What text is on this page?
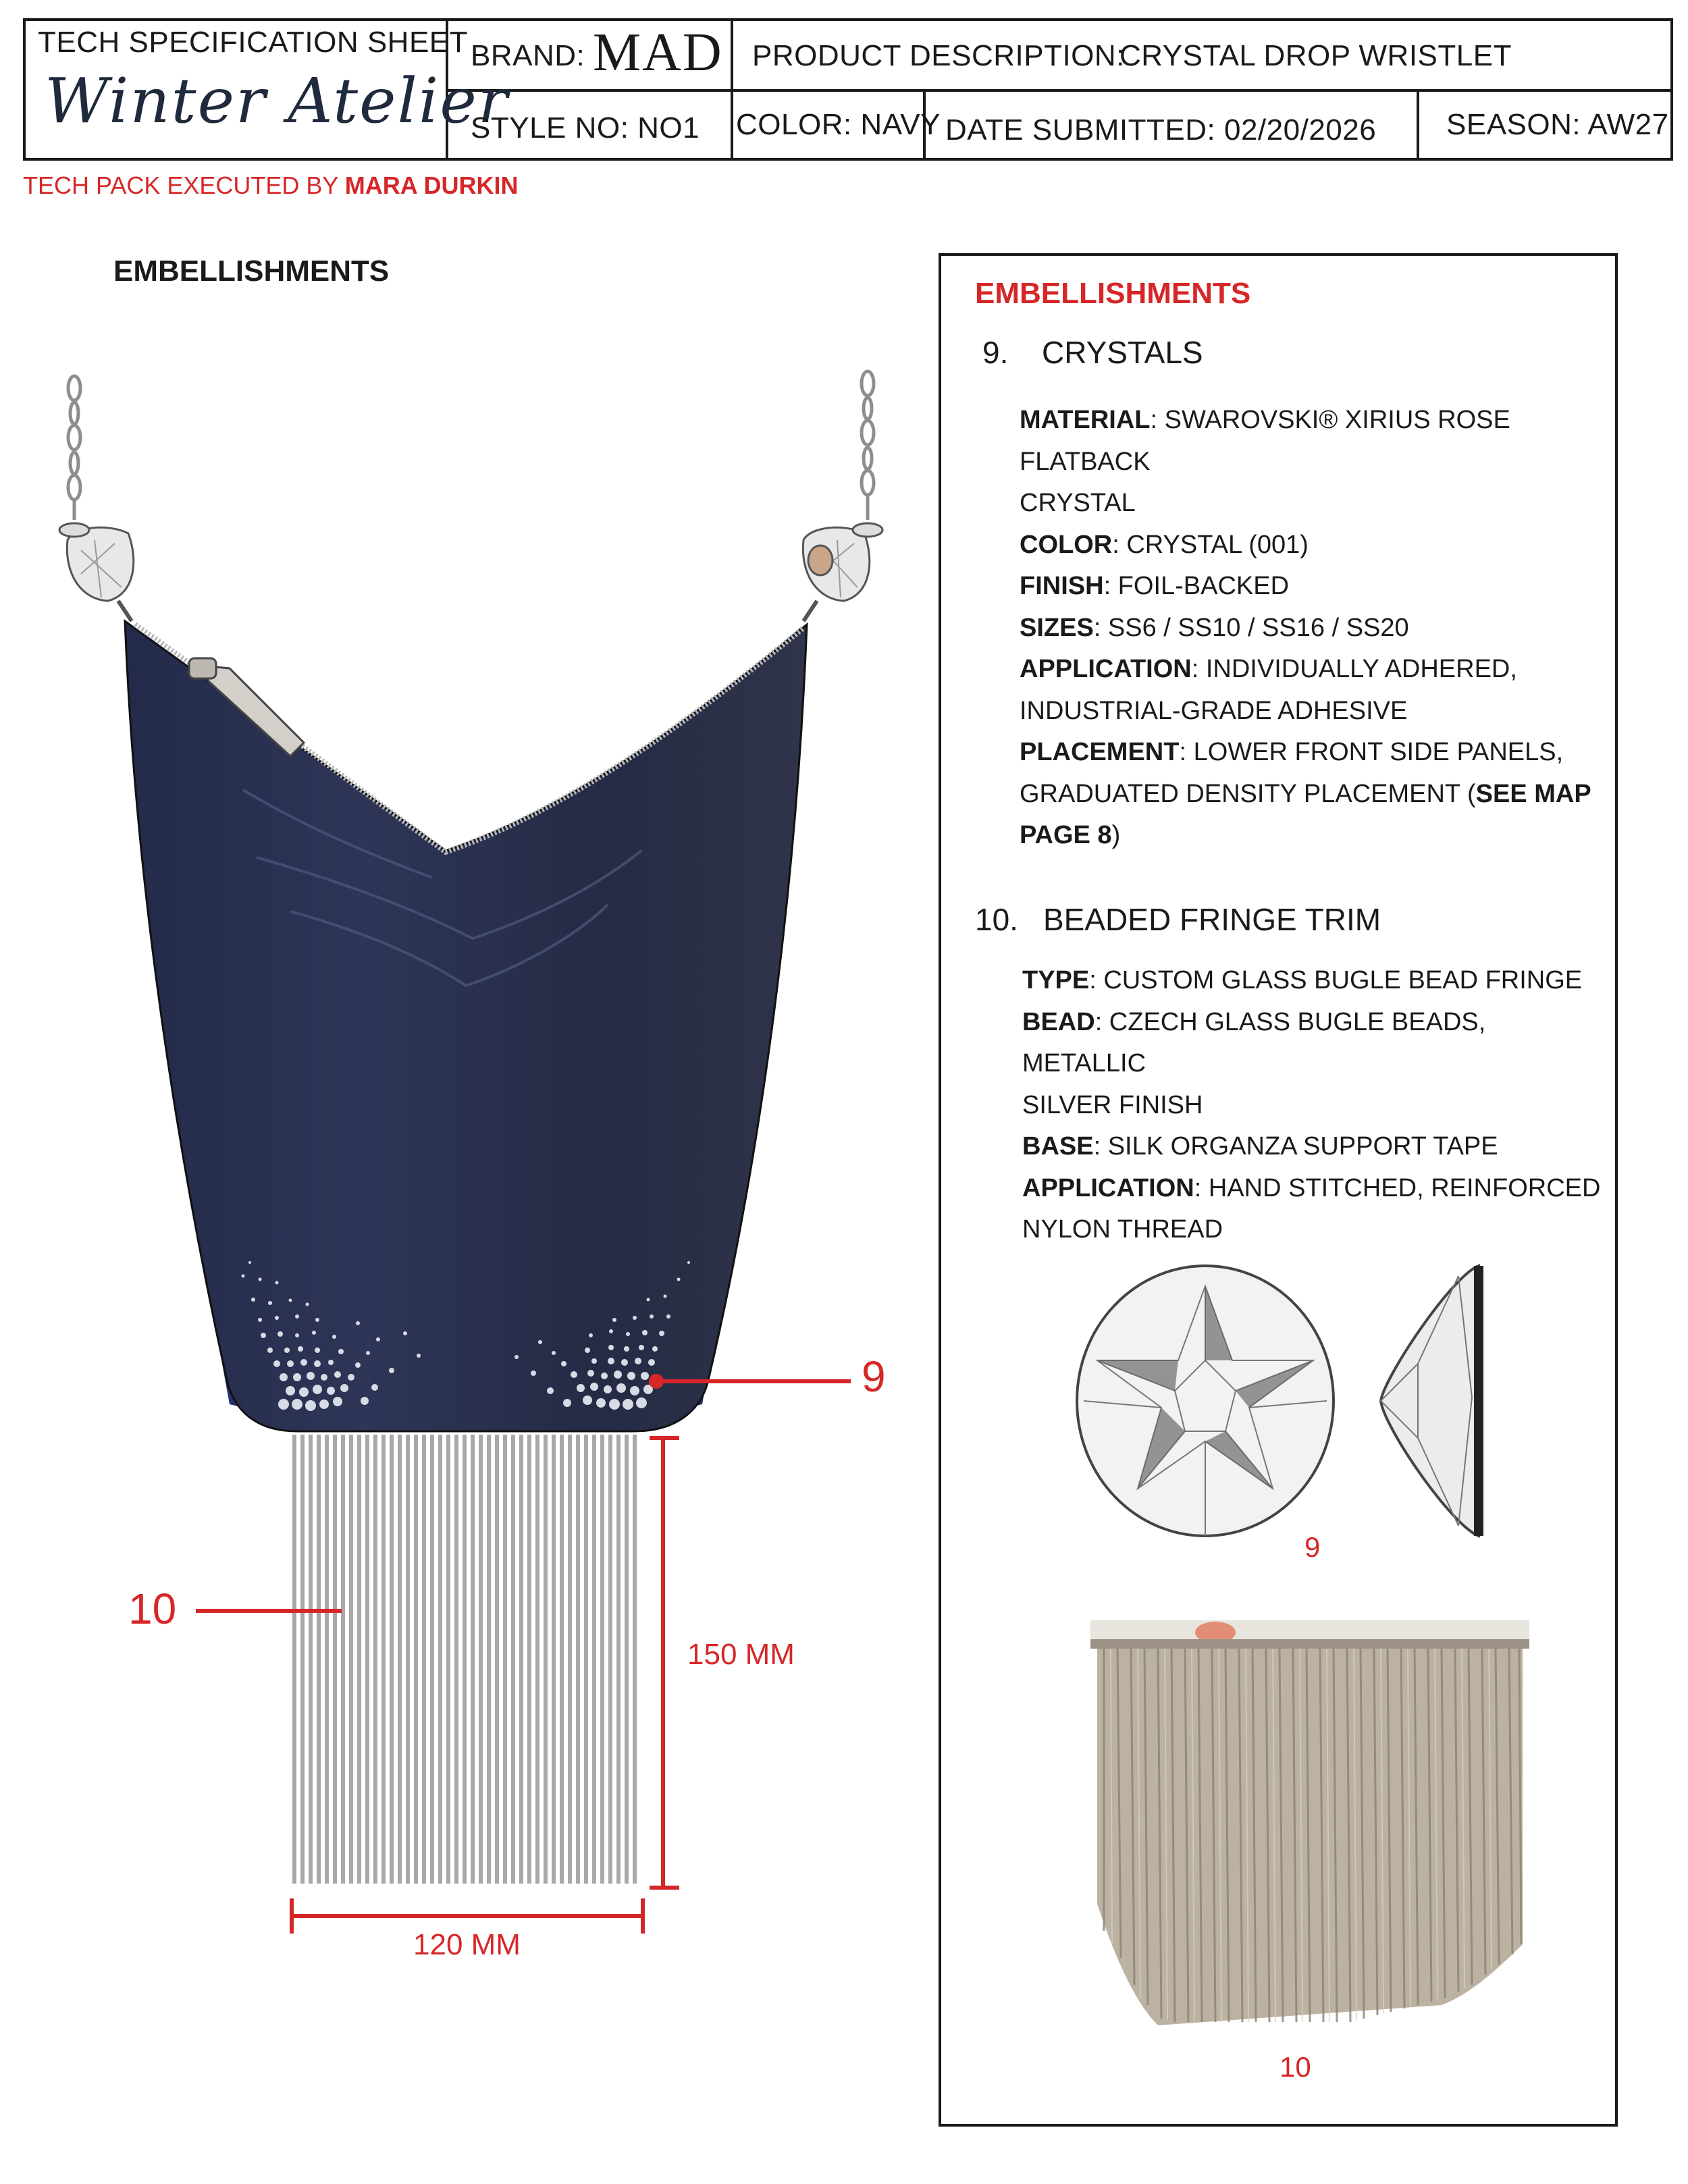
TECH SPECIFICATION SHEET
Winter Atelier
BRAND: MAD PRODUCT DESCRIPTION:
CRYSTAL DROP WRISTLET
STYLE NO: NO1 COLOR: NAVY DATE SUBMITTED: 02/20/2026 SEASON: AW27
TECH PACK EXECUTED BY MARA DURKIN
EMBELLISHMENTS
9
10
150 MM
120 MM
EMBELLISHMENTS
9. CRYSTALS
MATERIAL: SWAROVSKI® XIRIUS ROSE FLATBACK
CRYSTAL
COLOR: CRYSTAL (001)
FINISH: FOIL-BACKED
SIZES: SS6 / SS10 / SS16 / SS20
APPLICATION: INDIVIDUALLY ADHERED,
INDUSTRIAL-GRADE ADHESIVE
PLACEMENT: LOWER FRONT SIDE PANELS,
GRADUATED DENSITY PLACEMENT (SEE MAP
PAGE 8)
10. BEADED FRINGE TRIM
TYPE: CUSTOM GLASS BUGLE BEAD FRINGE
BEAD: CZECH GLASS BUGLE BEADS, METALLIC
SILVER FINISH
BASE: SILK ORGANZA SUPPORT TAPE
APPLICATION: HAND STITCHED, REINFORCED
NYLON THREAD
9
10
